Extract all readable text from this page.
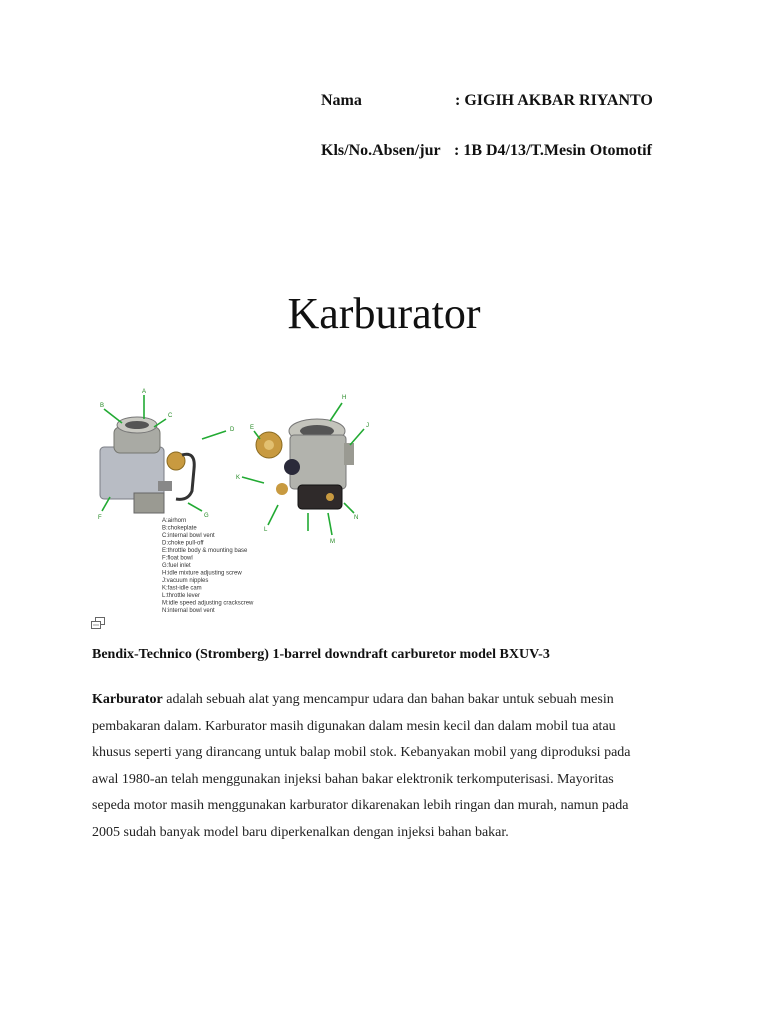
Nama	: GIGIH AKBAR RIYANTO
Kls/No.Absen/jur : 1B D4/13/T.Mesin Otomotif
Karburator
A
B
C
D	E
F	G
H
J
K
L
M
N
A:airhorn
B:chokeplate
C:internal bowl vent
D:choke pull-off
E:throttle body & mounting base
F:float bowl
G:fuel inlet
H:idle mixture adjusting screw
J:vacuum nipples
K:fast-idle cam
L:throttle lever
M:idle speed adjusting crackscrew
N:internal bowl vent
Bendix-Technico (Stromberg) 1-barrel downdraft carburetor model BXUV-3
Karburator adalah sebuah alat yang mencampur udara dan bahan bakar untuk sebuah mesin
pembakaran dalam. Karburator masih digunakan dalam mesin kecil dan dalam mobil tua atau
khusus seperti yang dirancang untuk balap mobil stok. Kebanyakan mobil yang diproduksi pada
awal 1980-an telah menggunakan injeksi bahan bakar elektronik terkomputerisasi. Mayoritas
sepeda motor masih menggunakan karburator dikarenakan lebih ringan dan murah, namun pada
2005 sudah banyak model baru diperkenalkan dengan injeksi bahan bakar.
